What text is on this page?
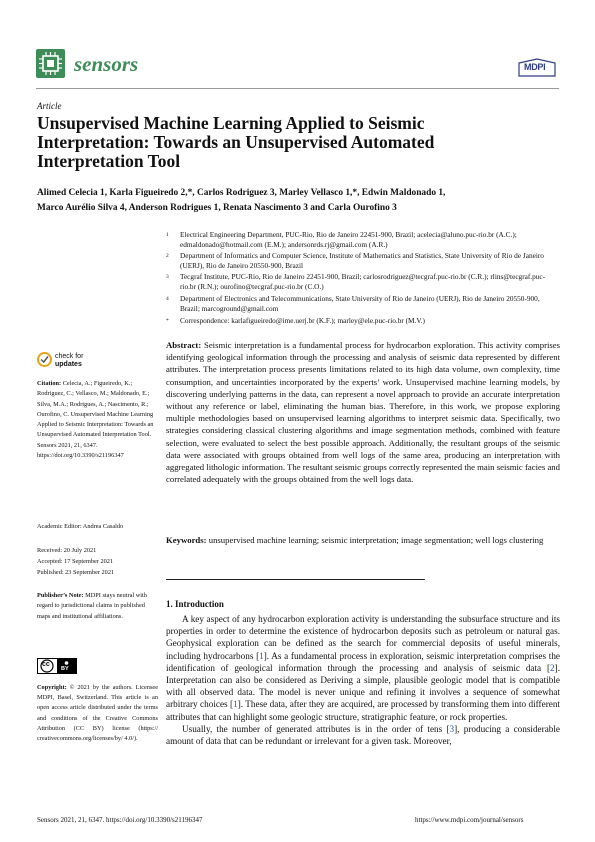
sensors	MDPI
Article
Unsupervised Machine Learning Applied to Seismic Interpretation: Towards an Unsupervised Automated Interpretation Tool
Alimed Celecia 1, Karla Figueiredo 2,*, Carlos Rodriguez 3, Marley Vellasco 1,*, Edwin Maldonado 1,
Marco Aurélio Silva 4, Anderson Rodrigues 1, Renata Nascimento 3 and Carla Ourofino 3
1 Electrical Engineering Department, PUC-Rio, Rio de Janeiro 22451-900, Brazil; acelecia@aluno.puc-rio.br (A.C.); edmaldonado@hotmail.com (E.M.); andersonrds.rj@gmail.com (A.R.)
2 Department of Informatics and Computer Science, Institute of Mathematics and Statistics, State University of Rio de Janeiro (UERJ), Rio de Janeiro 20550-900, Brazil
3 Tecgraf Institute, PUC-Rio, Rio de Janeiro 22451-900, Brazil; carlosrodriguez@tecgraf.puc-rio.br (C.R.); rlins@tecgraf.puc-rio.br (R.N.); ourofino@tecgraf.puc-rio.br (C.O.)
4 Department of Electronics and Telecommunications, State University of Rio de Janeiro (UERJ), Rio de Janeiro 20550-900, Brazil; marcoground@gmail.com
* Correspondence: karlafigueiredo@ime.uerj.br (K.F.); marley@ele.puc-rio.br (M.V.)
check for
updates
Citation: Celecia, A.; Figueiredo, K.; Rodriguez, C.; Vellasco, M.; Maldonado, E.; Silva, M.A.; Rodrigues, A.; Nascimento, R.; Ourofino, C. Unsupervised Machine Learning Applied to Seismic Interpretation: Towards an Unsupervised Automated Interpretation Tool. Sensors 2021, 21, 6347. https://doi.org/10.3390/s21196347
Academic Editor: Andrea Casaldo
Received: 20 July 2021
Accepted: 17 September 2021
Published: 23 September 2021
Publisher’s Note: MDPI stays neutral with regard to jurisdictional claims in published maps and institutional affiliations.
cc
BY
Copyright: © 2021 by the authors. Licensee MDPI, Basel, Switzerland. This article is an open access article distributed under the terms and conditions of the Creative Commons Attribution (CC BY) license (https:// creativecommons.org/licenses/by/ 4.0/).
Abstract: Seismic interpretation is a fundamental process for hydrocarbon exploration. This activity comprises identifying geological information through the processing and analysis of seismic data represented by different attributes. The interpretation process presents limitations related to its high data volume, own complexity, time consumption, and uncertainties incorporated by the experts’ work. Unsupervised machine learning models, by discovering underlying patterns in the data, can represent a novel approach to provide an accurate interpretation without any reference or label, eliminating the human bias. Therefore, in this work, we propose exploring multiple methodologies based on unsupervised learning algorithms to interpret seismic data. Specifically, two strategies considering classical clustering algorithms and image segmentation methods, combined with feature selection, were evaluated to select the best possible approach. Additionally, the resultant groups of the seismic data were associated with groups obtained from well logs of the same area, producing an interpretation with aggregated lithologic information. The resultant seismic groups correctly represented the main seismic facies and correlated adequately with the groups obtained from the well logs data.
Keywords: unsupervised machine learning; seismic interpretation; image segmentation; well logs clustering
1. Introduction

A key aspect of any hydrocarbon exploration activity is understanding the subsurface structure and its properties in order to determine the existence of hydrocarbon deposits such as petroleum or natural gas. Geophysical exploration can be defined as the search for commercial deposits of useful minerals, including hydrocarbons [1]. As a fundamental process in exploration, seismic interpretation comprises the identification of geological information through the processing and analysis of seismic data [2]. Interpretation can also be considered as Deriving a simple, plausible geologic model that is compatible with all observed data. The model is never unique and refining it involves a sequence of somewhat arbitrary choices [1]. These data, after they are acquired, are processed by transforming them into different attributes that can highlight some geologic structure, stratigraphic feature, or rock properties.

Usually, the number of generated attributes is in the order of tens [3], producing a considerable amount of data that can be redundant or irrelevant for a given task. Moreover,

Sensors 2021, 21, 6347. https://doi.org/10.3390/s21196347	https://www.mdpi.com/journal/sensors
